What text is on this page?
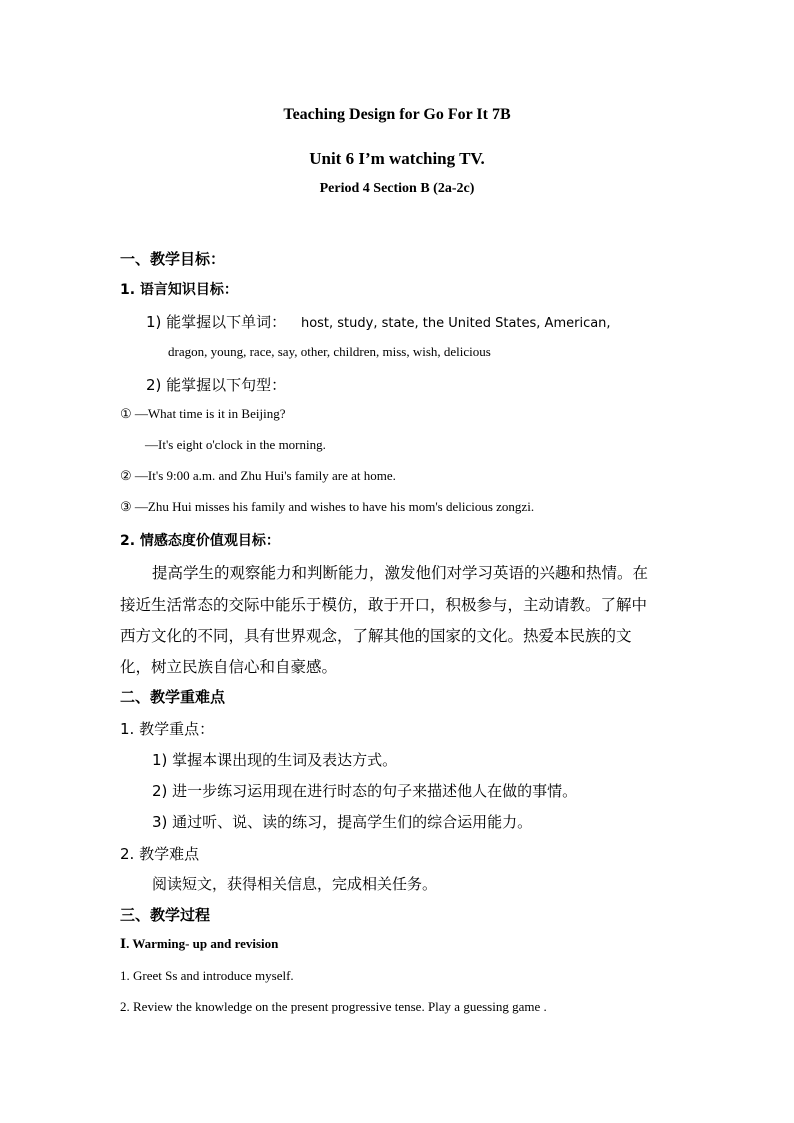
Teaching Design for Go For It 7B
Unit 6 I’m watching TV.
Period 4 Section B (2a-2c)
一、教学目标：
1. 语言知识目标：
1) 能掌握以下单词： host, study, state, the United States, American,
dragon, young, race, say, other, children, miss, wish, delicious
2) 能掌握以下句型：
① —What time is it in Beijing?
—It's eight o'clock in the morning.
② —It's 9:00 a.m. and Zhu Hui's family are at home.
③ —Zhu Hui misses his family and wishes to have his mom's delicious zongzi.
2. 情感态度价值观目标：
提高学生的观察能力和判断能力，激发他们对学习英语的兴趣和热情。在
接近生活常态的交际中能乐于模仿，敢于开口，积极参与，主动请教。了解中
西方文化的不同，具有世界观念，了解其他的国家的文化。热爱本民族的文
化，树立民族自信心和自豪感。
二、教学重难点
1. 教学重点：
1) 掌握本课出现的生词及表达方式。
2) 进一步练习运用现在进行时态的句子来描述他人在做的事情。
3) 通过听、说、读的练习，提高学生们的综合运用能力。
2. 教学难点
阅读短文，获得相关信息，完成相关任务。
三、教学过程
Ⅰ. Warming- up and revision
1. Greet Ss and introduce myself.
2. Review the knowledge on the present progressive tense. Play a guessing game .
